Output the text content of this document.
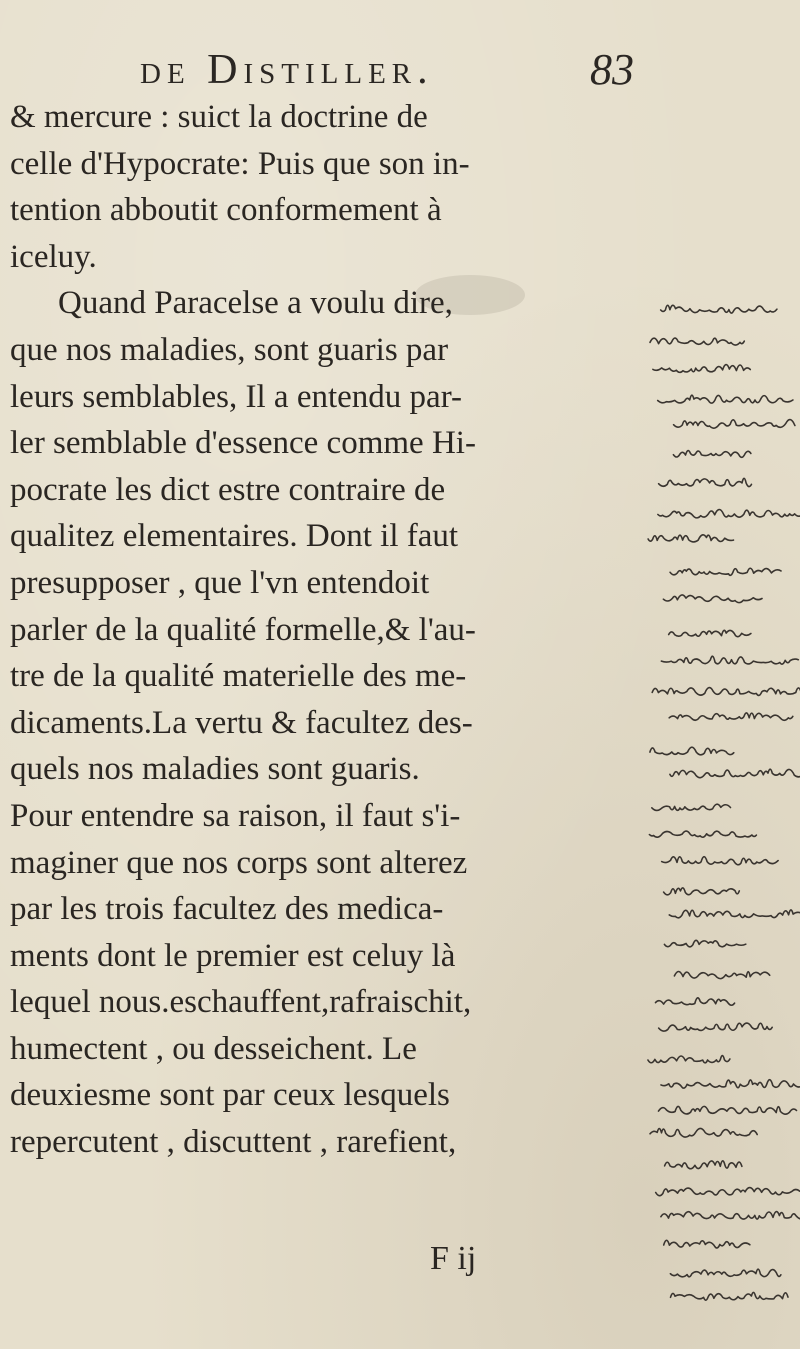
de Distiller.	83

& mercure : suict la doctrine de
celle d'Hypocrate: Puis que son in-
tention abboutit conformement à
iceluy.
Quand Paracelse a voulu dire,
que nos maladies, sont guaris par
leurs semblables, Il a entendu par-
ler semblable d'essence comme Hi-
pocrate les dict estre contraire de
qualitez elementaires. Dont il faut
presupposer , que l'vn entendoit
parler de la qualité formelle,& l'au-
tre de la qualité materielle des me-
dicaments.La vertu & facultez des-
quels nos maladies sont guaris.
Pour entendre sa raison, il faut s'i-
maginer que nos corps sont alterez
par les trois facultez des medica-
ments dont le premier est celuy là
lequel nous.eschauffent,rafraischit,
humectent , ou desseichent. Le
deuxiesme sont par ceux lesquels
repercutent , discuttent , rarefient,

F ij
